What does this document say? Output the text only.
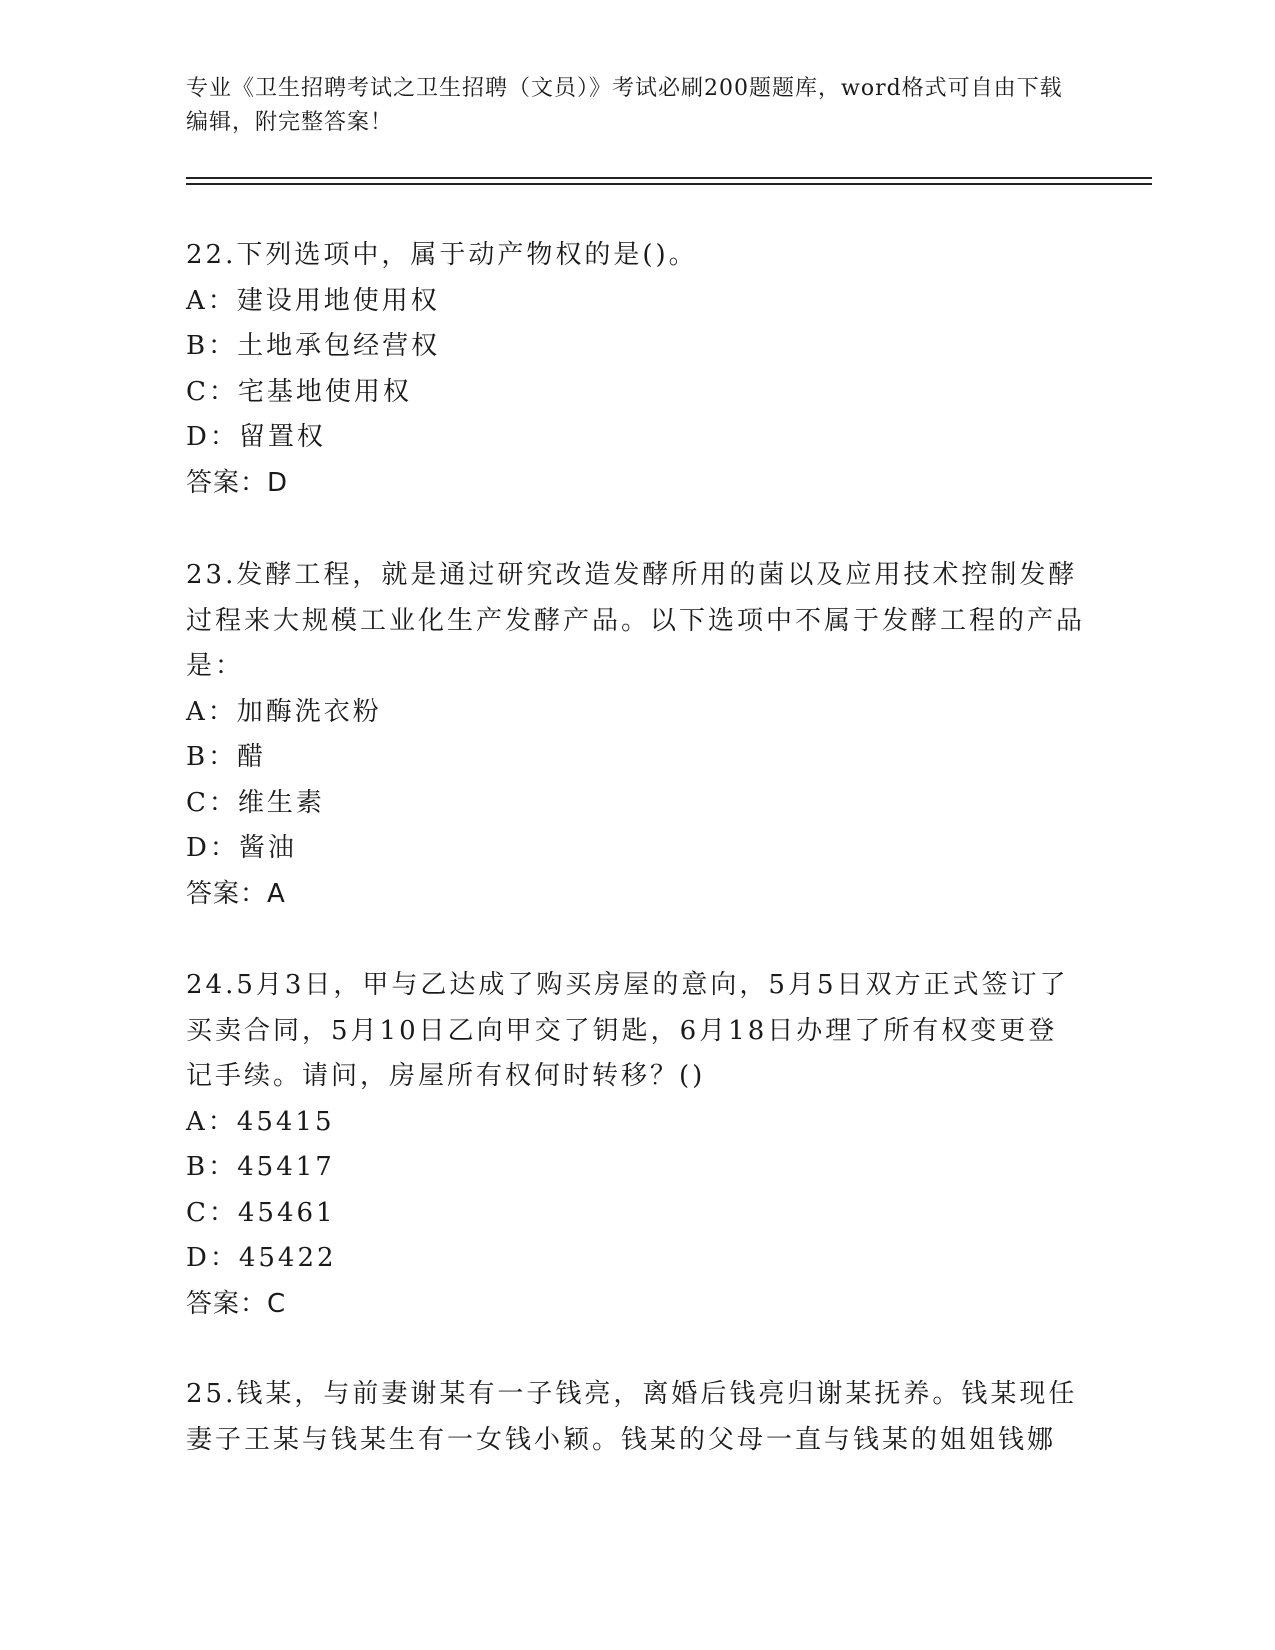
专业《卫生招聘考试之卫生招聘（文员）》考试必刷200题题库，word格式可自由下载编辑，附完整答案！
22.下列选项中，属于动产物权的是()。
A：建设用地使用权
B：土地承包经营权
C：宅基地使用权
D：留置权
答案：D
23.发酵工程，就是通过研究改造发酵所用的菌以及应用技术控制发酵过程来大规模工业化生产发酵产品。以下选项中不属于发酵工程的产品是：
A：加酶洗衣粉
B：醋
C：维生素
D：酱油
答案：A
24.5月3日，甲与乙达成了购买房屋的意向，5月5日双方正式签订了买卖合同，5月10日乙向甲交了钥匙，6月18日办理了所有权变更登记手续。请问，房屋所有权何时转移？()
A：45415
B：45417
C：45461
D：45422
答案：C
25.钱某，与前妻谢某有一子钱亮，离婚后钱亮归谢某抚养。钱某现任妻子王某与钱某生有一女钱小颖。钱某的父母一直与钱某的姐姐钱娜
